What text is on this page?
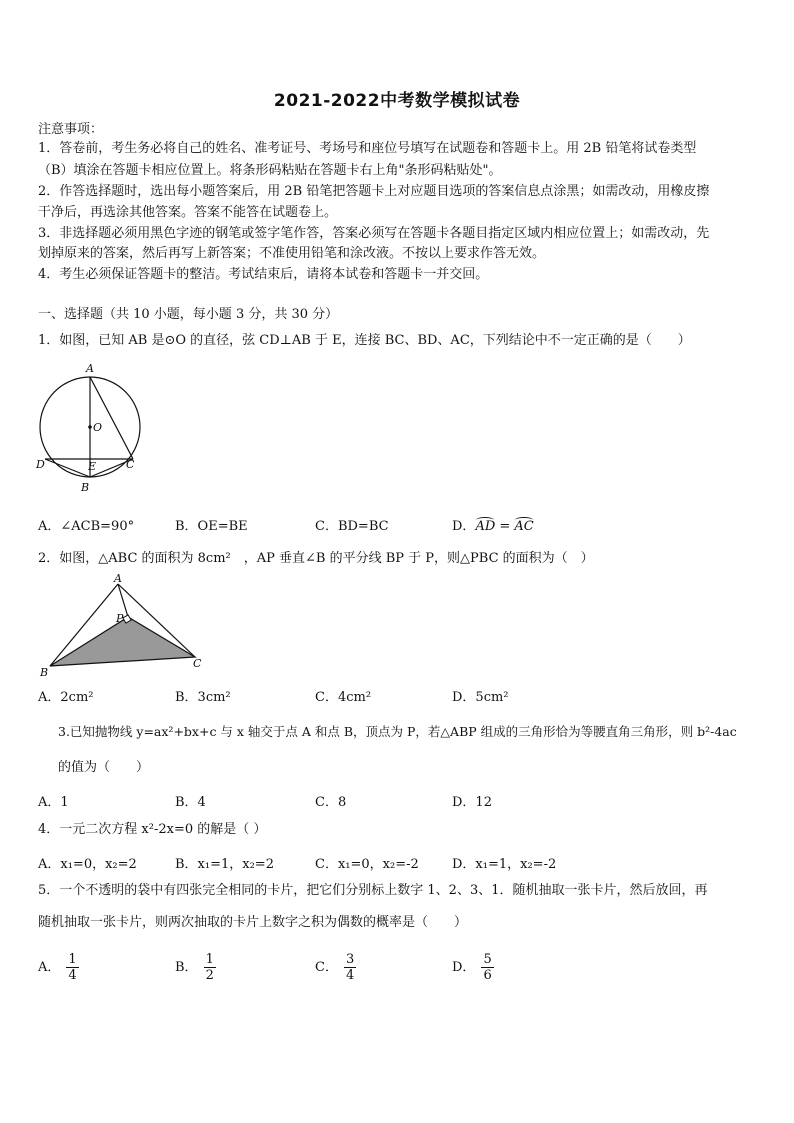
2021-2022中考数学模拟试卷
注意事项：
1．答卷前，考生务必将自己的姓名、准考证号、考场号和座位号填写在试题卷和答题卡上。用 2B 铅笔将试卷类型
（B）填涂在答题卡相应位置上。将条形码粘贴在答题卡右上角"条形码粘贴处"。
2．作答选择题时，选出每小题答案后，用 2B 铅笔把答题卡上对应题目选项的答案信息点涂黑；如需改动，用橡皮擦
干净后，再选涂其他答案。答案不能答在试题卷上。
3．非选择题必须用黑色字迹的钢笔或签字笔作答，答案必须写在答题卡各题目指定区域内相应位置上；如需改动，先
划掉原来的答案，然后再写上新答案；不准使用铅笔和涂改液。不按以上要求作答无效。
4．考生必须保证答题卡的整洁。考试结束后，请将本试卷和答题卡一并交回。
一、选择题（共 10 小题，每小题 3 分，共 30 分）
1．如图，已知 AB 是⊙O 的直径，弦 CD⊥AB 于 E，连接 BC、BD、AC，下列结论中不一定正确的是（　　）
A
O
D	E	C
B
A．∠ACB=90°	B．OE=BE	C．BD=BC	D．AD = AC
2．如图，△ABC 的面积为 8cm²　，AP 垂直∠B 的平分线 BP 于 P，则△PBC 的面积为（　）
A
P
B
C
A．2cm²	B．3cm²	C．4cm²	D．5cm²
3.已知抛物线 y=ax²+bx+c 与 x 轴交于点 A 和点 B，顶点为 P，若△ABP 组成的三角形恰为等腰直角三角形，则 b²-4ac
的值为（　　）
A．1	B．4	C．8	D．12
4．一元二次方程 x²-2x=0 的解是（ ）
A．x₁=0，x₂=2	B．x₁=1，x₂=2	C．x₁=0，x₂=-2	D．x₁=1，x₂=-2
5．一个不透明的袋中有四张完全相同的卡片，把它们分别标上数字 1、2、3、1．随机抽取一张卡片，然后放回，再
随机抽取一张卡片，则两次抽取的卡片上数字之积为偶数的概率是（　　）
A． $\frac{1}{4}$	B． $\frac{1}{2}$	C． $\frac{3}{4}$	D． $\frac{5}{6}$
